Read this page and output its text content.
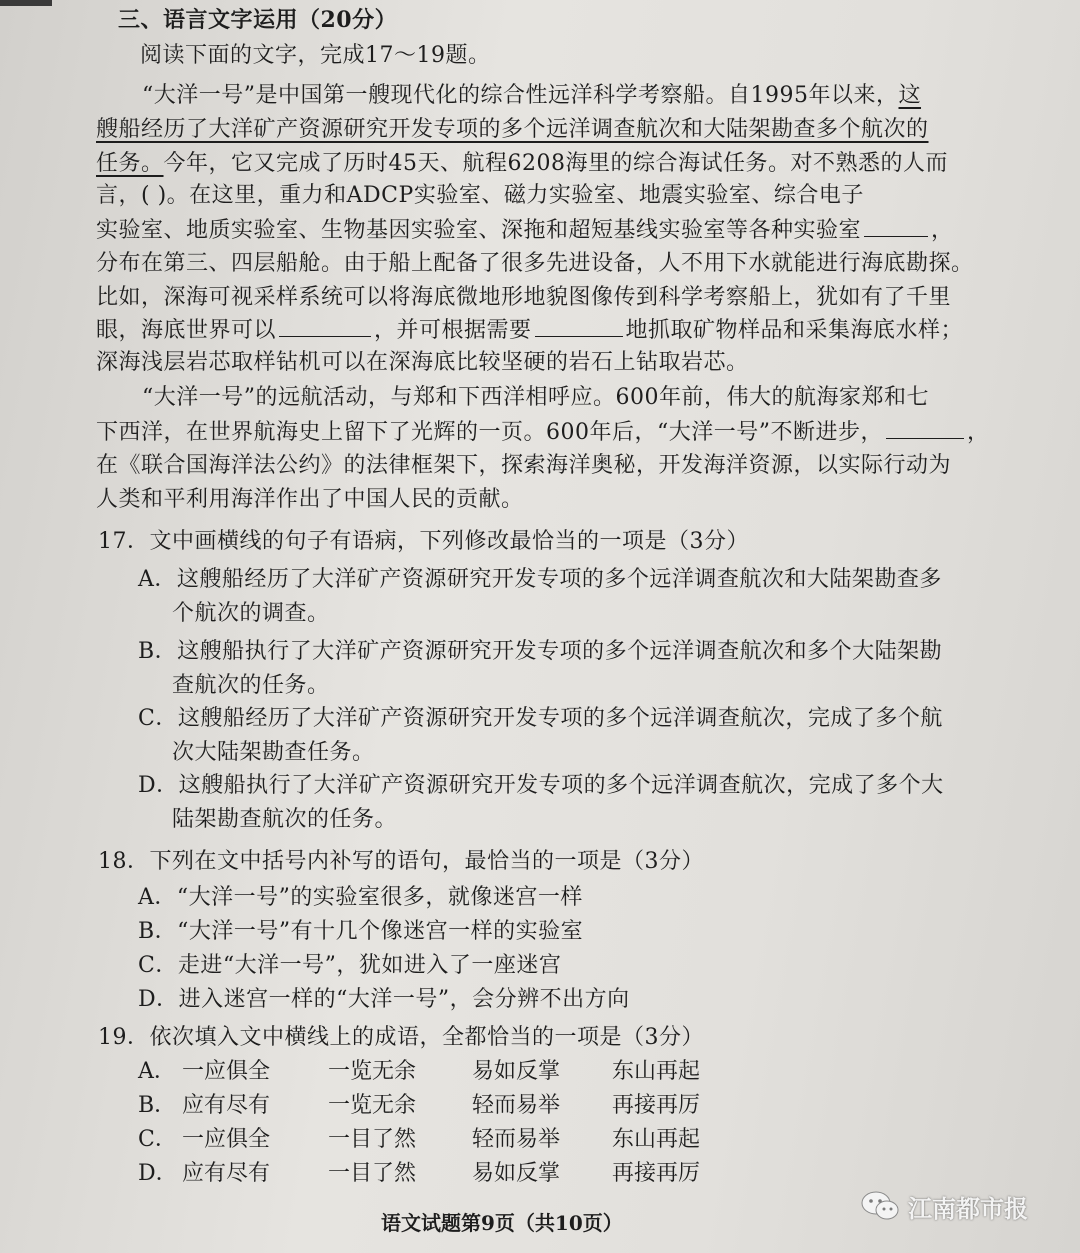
三、语言文字运用（20分）
阅读下面的文字，完成17～19题。
“大洋一号”是中国第一艘现代化的综合性远洋科学考察船。自1995年以来，这
艘船经历了大洋矿产资源研究开发专项的多个远洋调查航次和大陆架勘查多个航次的
任务。今年，它又完成了历时45天、航程6208海里的综合海试任务。对不熟悉的人而
言，( )。在这里，重力和ADCP实验室、磁力实验室、地震实验室、综合电子
实验室、地质实验室、生物基因实验室、深拖和超短基线实验室等各种实验室	，
分布在第三、四层船舱。由于船上配备了很多先进设备，人不用下水就能进行海底勘探。
比如，深海可视采样系统可以将海底微地形地貌图像传到科学考察船上，犹如有了千里
眼，海底世界可以	，并可根据需要	地抓取矿物样品和采集海底水样；
深海浅层岩芯取样钻机可以在深海底比较坚硬的岩石上钻取岩芯。
“大洋一号”的远航活动，与郑和下西洋相呼应。600年前，伟大的航海家郑和七
下西洋，在世界航海史上留下了光辉的一页。600年后，“大洋一号”不断进步，	，
在《联合国海洋法公约》的法律框架下，探索海洋奥秘，开发海洋资源，以实际行动为
人类和平利用海洋作出了中国人民的贡献。
17．文中画横线的句子有语病，下列修改最恰当的一项是（3分）
A．这艘船经历了大洋矿产资源研究开发专项的多个远洋调查航次和大陆架勘查多
个航次的调查。
B．这艘船执行了大洋矿产资源研究开发专项的多个远洋调查航次和多个大陆架勘
查航次的任务。
C．这艘船经历了大洋矿产资源研究开发专项的多个远洋调查航次，完成了多个航
次大陆架勘查任务。
D．这艘船执行了大洋矿产资源研究开发专项的多个远洋调查航次，完成了多个大
陆架勘查航次的任务。
18．下列在文中括号内补写的语句，最恰当的一项是（3分）
A．“大洋一号”的实验室很多，就像迷宫一样
B．“大洋一号”有十几个像迷宫一样的实验室
C．走进“大洋一号”，犹如进入了一座迷宫
D．进入迷宫一样的“大洋一号”，会分辨不出方向
19．依次填入文中横线上的成语，全都恰当的一项是（3分）
A． 一应俱全	一览无余	易如反掌 东山再起
B． 应有尽有	一览无余	轻而易举 再接再厉
C． 一应俱全	一目了然	轻而易举 东山再起
D． 应有尽有	一目了然	易如反掌 再接再厉
语文试题第9页（共10页）
江南都市报
